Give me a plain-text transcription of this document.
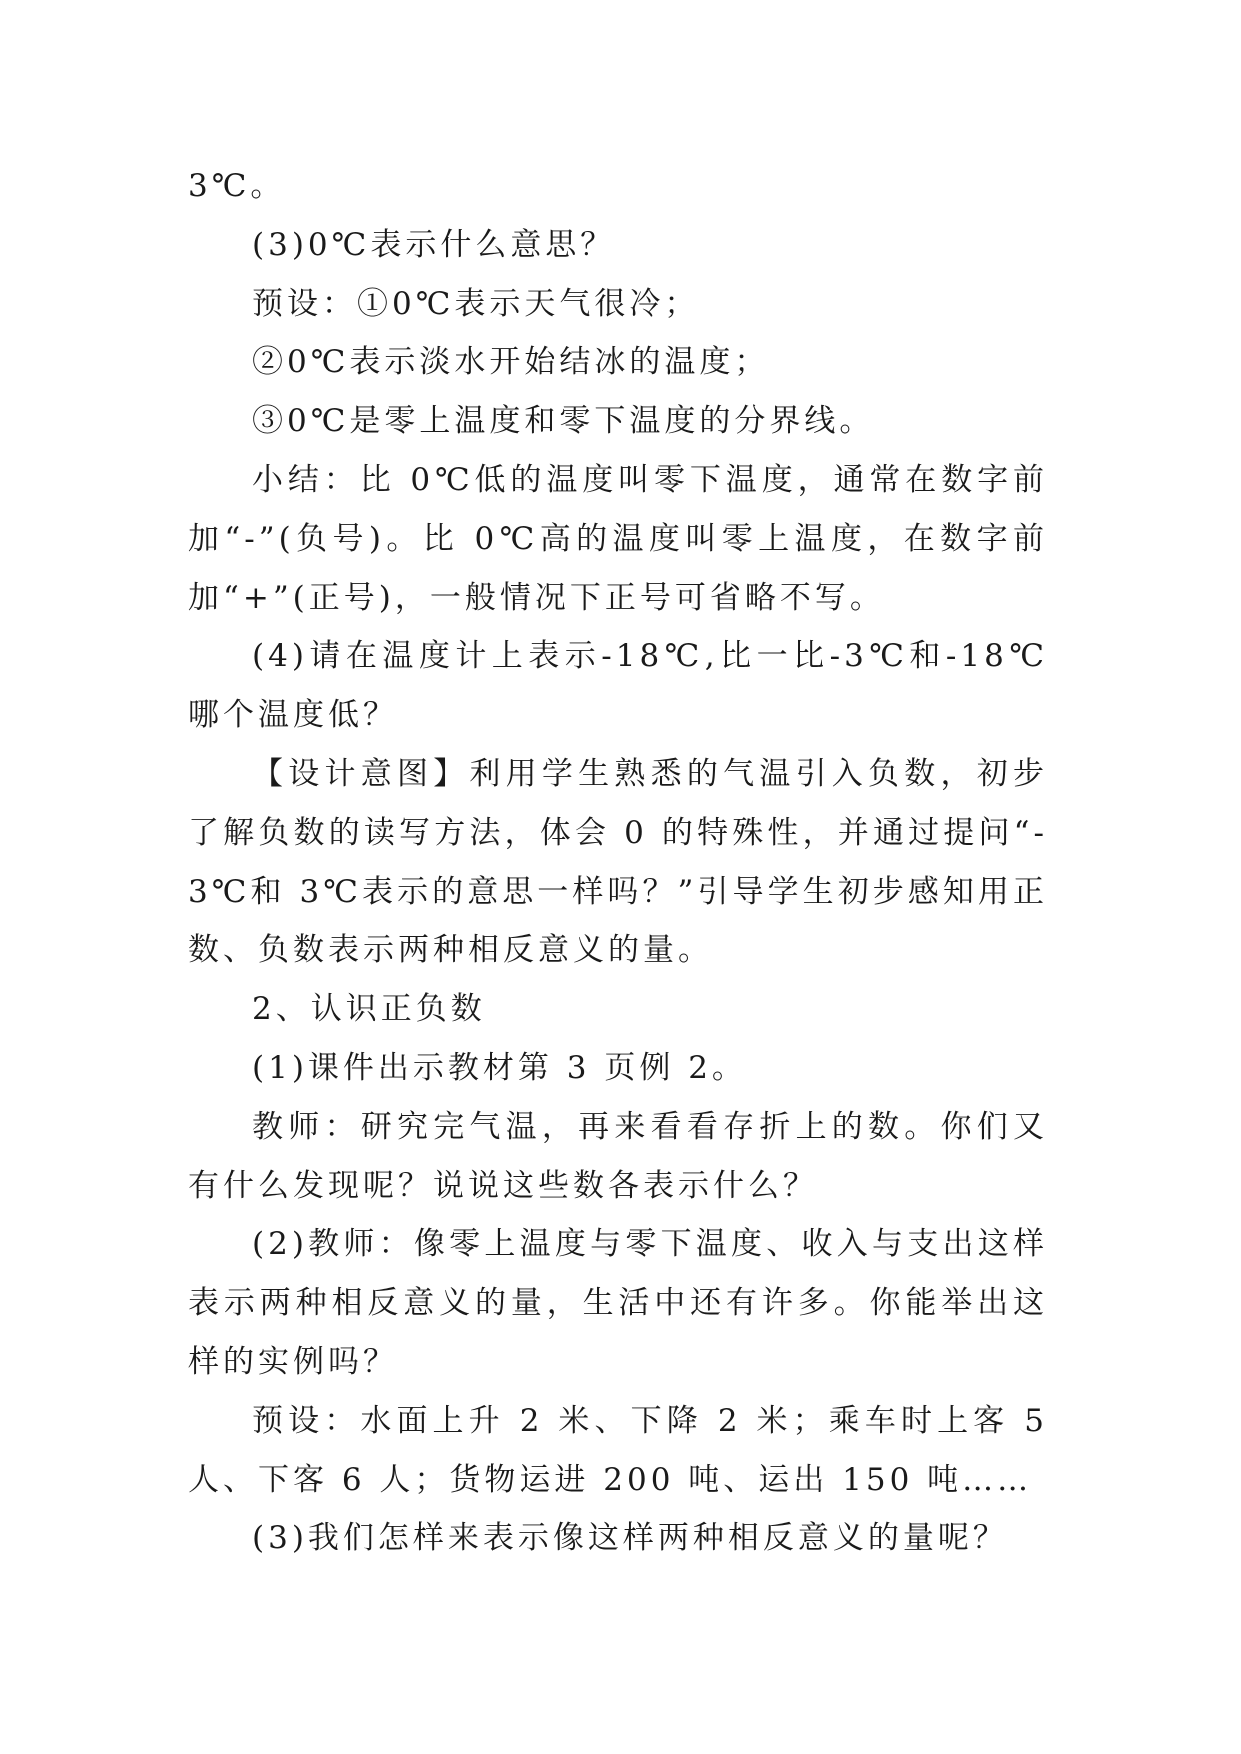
3℃。

(3)0℃表示什么意思？

预设：①0℃表示天气很冷；

②0℃表示淡水开始结冰的温度；

③0℃是零上温度和零下温度的分界线。

小结：比 0℃低的温度叫零下温度，通常在数字前加“-”(负号)。比 0℃高的温度叫零上温度，在数字前加“+”(正号)，一般情况下正号可省略不写。

(4)请在温度计上表示-18℃,比一比-3℃和-18℃哪个温度低？

【设计意图】利用学生熟悉的气温引入负数，初步了解负数的读写方法，体会 0 的特殊性，并通过提问“-3℃和 3℃表示的意思一样吗？”引导学生初步感知用正数、负数表示两种相反意义的量。

2、认识正负数

(1)课件出示教材第 3 页例 2。

教师：研究完气温，再来看看存折上的数。你们又有什么发现呢？说说这些数各表示什么？

(2)教师：像零上温度与零下温度、收入与支出这样表示两种相反意义的量，生活中还有许多。你能举出这样的实例吗？

预设：水面上升 2 米、下降 2 米；乘车时上客 5 人、下客 6 人；货物运进 200 吨、运出 150 吨……

(3)我们怎样来表示像这样两种相反意义的量呢？
